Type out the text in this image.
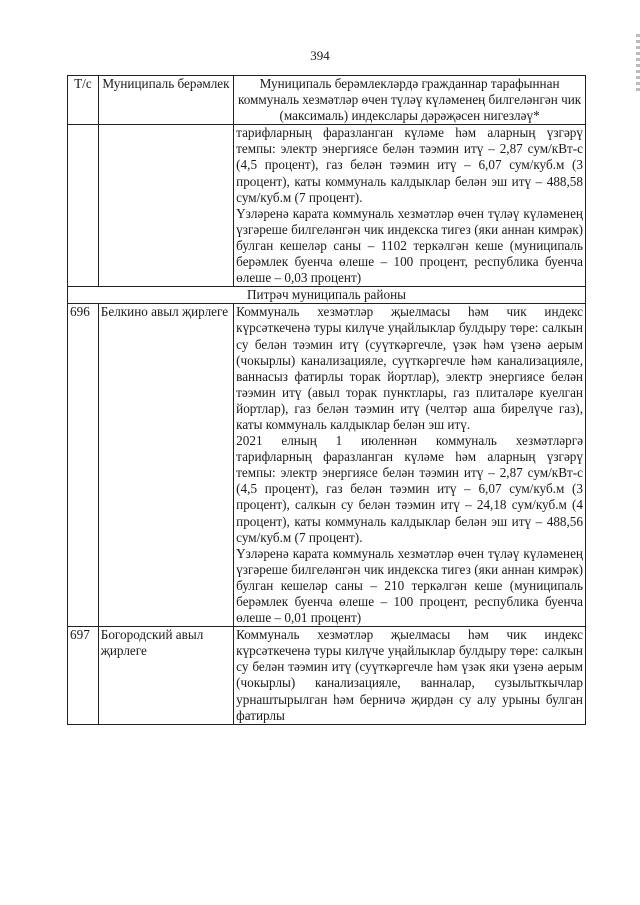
394
Т/с	Муниципаль берәмлек	Муниципаль берәмлекләрдә гражданнар тарафыннан коммуналь хезмәтләр өчен түләү күләменең билгеләнгән чик (максималь) индекслары дәрәҗәсен нигезләү*

		тарифларның фаразланган күләме һәм аларның үзгәрү темпы: электр энергиясе белән тәэмин итү – 2,87 сум/кВт-с (4,5 процент), газ белән тәэмин итү – 6,07 сум/куб.м (3 процент), каты коммуналь калдыклар белән эш итү – 488,58 сум/куб.м (7 процент).

Үзләренә карата коммуналь хезмәтләр өчен түләү күләменең үзгәреше билгеләнгән чик индекска тигез (яки аннан кимрәк) булган кешеләр саны – 1102 теркәлгән кеше (муниципаль берәмлек буенча өлеше – 100 процент, республика буенча өлеше – 0,03 процент)

Питрәч муниципаль районы		
696	Белкино авыл җирлеге	Коммуналь хезмәтләр җыелмасы һәм чик индекс күрсәткеченә туры килүче уңайлыклар булдыру төре: салкын су белән тәэмин итү (суүткәргечле, үзәк һәм үзенә аерым (чокырлы) канализацияле, суүткәргечле һәм канализацияле, ваннасыз фатирлы торак йортлар), электр энергиясе белән тәэмин итү (авыл торак пунктлары, газ плиталәре куелган йортлар), газ белән тәэмин итү (челтәр аша бирелүче газ), каты коммуналь калдыклар белән эш итү.

2021 елның 1 июленнән коммуналь хезмәтләргә тарифларның фаразланган күләме һәм аларның үзгәрү темпы: электр энергиясе белән тәэмин итү – 2,87 сум/кВт-с (4,5 процент), газ белән тәэмин итү – 6,07 сум/куб.м (3 процент), салкын су белән тәэмин итү – 24,18 сум/куб.м (4 процент), каты коммуналь калдыклар белән эш итү – 488,56 сум/куб.м (7 процент).

Үзләренә карата коммуналь хезмәтләр өчен түләү күләменең үзгәреше билгеләнгән чик индекска тигез (яки аннан кимрәк) булган кешеләр саны – 210 теркәлгән кеше (муниципаль берәмлек буенча өлеше – 100 процент, республика буенча өлеше – 0,01 процент)

697	Богородский авыл җирлеге	Коммуналь хезмәтләр җыелмасы һәм чик индекс күрсәткеченә туры килүче уңайлыклар булдыру төре: салкын су белән тәэмин итү (суүткәргечле һәм үзәк яки үзенә аерым (чокырлы) канализацияле, ванналар, сузылыткычлар урнаштырылган һәм берничә җирдән су алу урыны булган фатирлы
